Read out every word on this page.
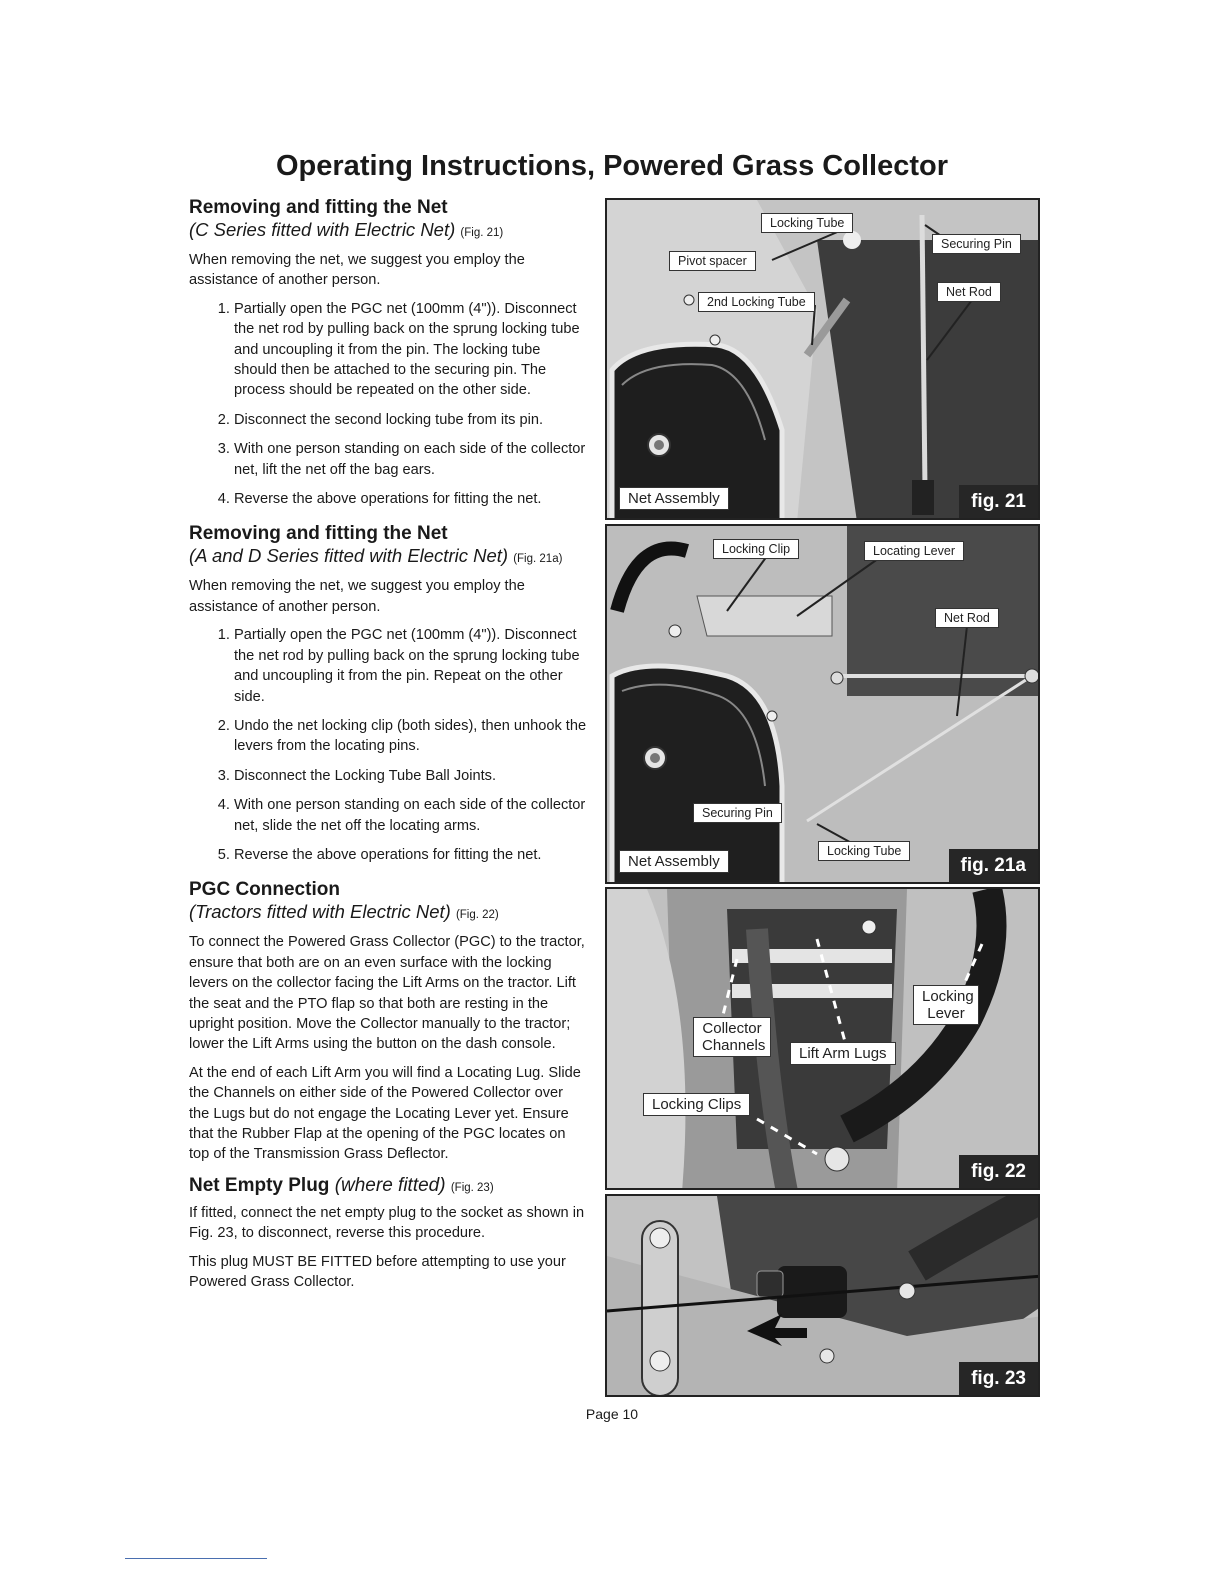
Operating Instructions, Powered Grass Collector
Removing and fitting the Net
(C Series fitted with Electric Net) (Fig. 21)

When removing the net, we suggest you employ the assistance of another person.

1. Partially open the PGC net (100mm (4")). Disconnect the net rod by pulling back on the sprung locking tube and uncoupling it from the pin. The locking tube should then be attached to the securing pin. The process should be repeated on the other side.
2. Disconnect the second locking tube from its pin.
3. With one person standing on each side of the collector net, lift the net off the bag ears.
4. Reverse the above operations for fitting the net.
Removing and fitting the Net
(A and D Series fitted with Electric Net) (Fig. 21a)

When removing the net, we suggest you employ the assistance of another person.

1. Partially open the PGC net (100mm (4")). Disconnect the net rod by pulling back on the sprung locking tube and uncoupling it from the pin. Repeat on the other side.
2. Undo the net locking clip (both sides), then unhook the levers from the locating pins.
3. Disconnect the Locking Tube Ball Joints.
4. With one person standing on each side of the collector net, slide the net off the locating arms.
5. Reverse the above operations for fitting the net.
PGC Connection
(Tractors fitted with Electric Net) (Fig. 22)

To connect the Powered Grass Collector (PGC) to the tractor, ensure that both are on an even surface with the locking levers on the collector facing the Lift Arms on the tractor. Lift the seat and the PTO flap so that both are resting in the upright position. Move the Collector manually to the tractor; lower the Lift Arms using the button on the dash console.

At the end of each Lift Arm you will find a Locating Lug. Slide the Channels on either side of the Powered Collector over the Lugs but do not engage the Locating Lever yet. Ensure that the Rubber Flap at the opening of the PGC locates on top of the Transmission Grass Deflector.

Net Empty Plug (where fitted) (Fig. 23)

If fitted, connect the net empty plug to the socket as shown in Fig. 23, to disconnect, reverse this procedure.

This plug MUST BE FITTED before attempting to use your Powered Grass Collector.

Locking Tube
Securing Pin
Pivot spacer
Net Rod
2nd Locking Tube
Net Assembly	fig. 21
Locking Clip	Locating Lever
Net Rod
Securing Pin
Locking Tube
Net Assembly	fig. 21a
Locking Lever
Collector Channels	Lift Arm Lugs
Locking Clips
fig. 22
fig. 23
Page 10
